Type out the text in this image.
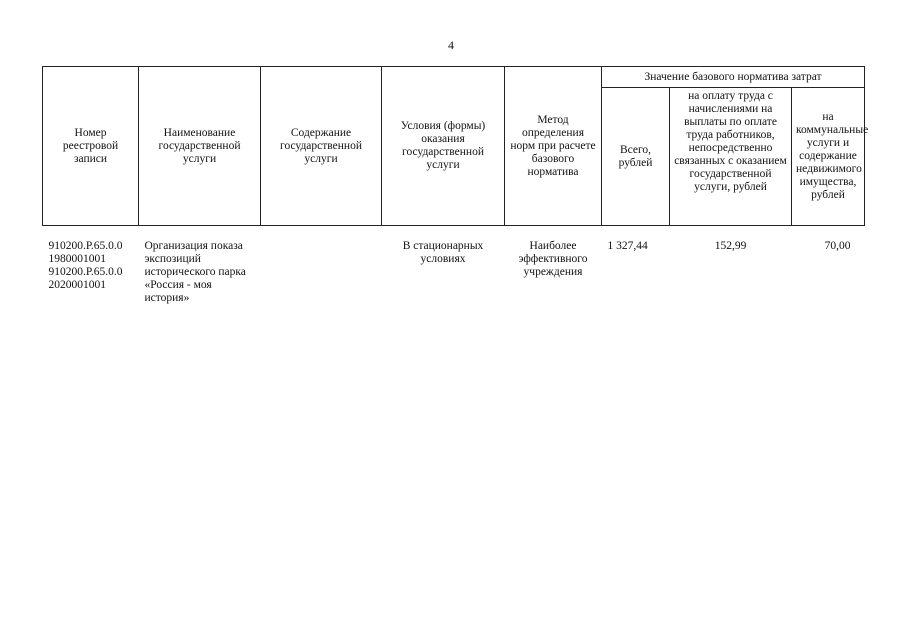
4
Номер реестровой записи	Наименование государственной услуги	Содержание государственной услуги	Условия (формы) оказания государственной услуги	Метод определения норм при расчете базового норматива	Значение базового норматива затрат		
					Всего, рублей	на оплату труда с начислениями на выплаты по оплате труда работников, непосредственно связанных с оказанием государственной услуги, рублей	на коммунальные услуги и содержание недвижимого имущества, рублей

910200.Р.65.0.0
1980001001
910200.Р.65.0.0
2020001001	Организация показа экспозиций исторического парка «Россия - моя история»		В стационарных условиях	Наиболее эффективного учреждения	1 327,44	152,99	70,00
